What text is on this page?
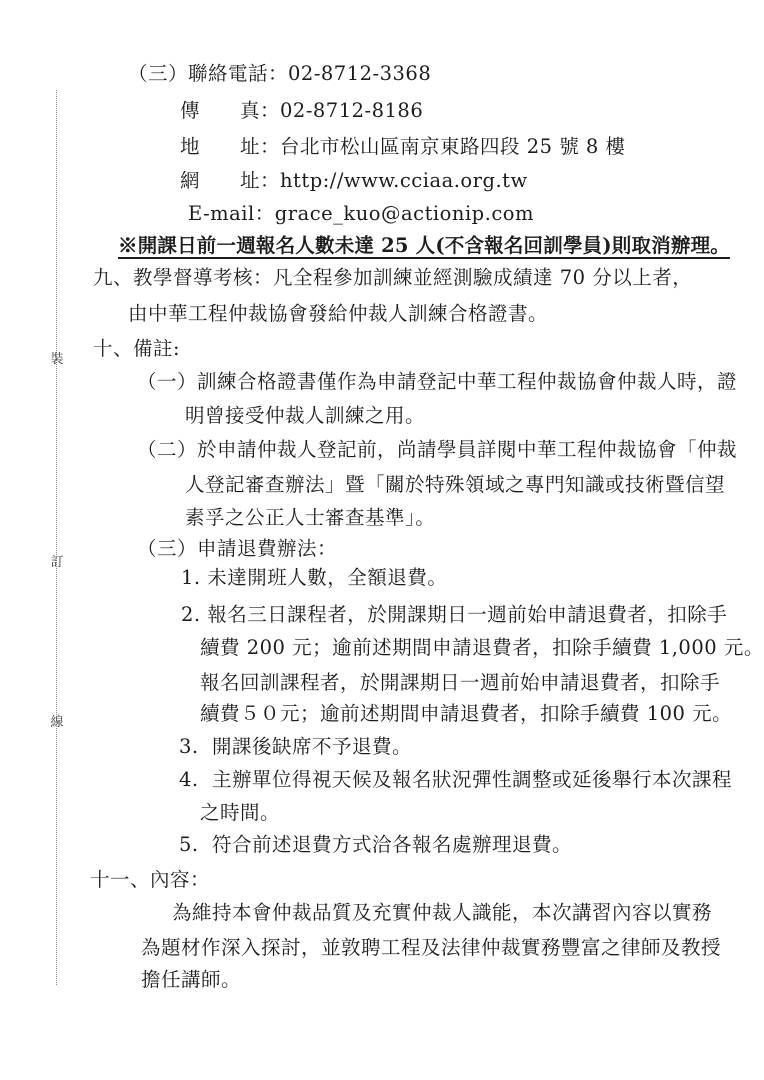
裝
訂
線
（三）聯絡電話：02-8712-3368
傳　　真：02-8712-8186
地　　址：台北市松山區南京東路四段 25 號 8 樓
網　　址：http://www.cciaa.org.tw
E-mail：grace_kuo@actionip.com
※開課日前一週報名人數未達 25 人(不含報名回訓學員)則取消辦理。
九、教學督導考核：凡全程參加訓練並經測驗成績達 70 分以上者，
由中華工程仲裁協會發給仲裁人訓練合格證書。
十、備註:
（一）訓練合格證書僅作為申請登記中華工程仲裁協會仲裁人時，證
明曾接受仲裁人訓練之用。
（二）於申請仲裁人登記前，尚請學員詳閱中華工程仲裁協會「仲裁
人登記審查辦法」暨「關於特殊領域之專門知識或技術暨信望
素孚之公正人士審查基準」。
（三）申請退費辦法：
1. 未達開班人數，全額退費。
2. 報名三日課程者，於開課期日一週前始申請退費者，扣除手
續費 200 元；逾前述期間申請退費者，扣除手續費 1,000 元。
報名回訓課程者，於開課期日一週前始申請退費者，扣除手
續費５０元；逾前述期間申請退費者，扣除手續費 100 元。
3.  開課後缺席不予退費。
4.  主辦單位得視天候及報名狀況彈性調整或延後舉行本次課程
之時間。
5.  符合前述退費方式洽各報名處辦理退費。
十一、內容：
為維持本會仲裁品質及充實仲裁人識能，本次講習內容以實務
為題材作深入探討，並敦聘工程及法律仲裁實務豐富之律師及教授
擔任講師。
